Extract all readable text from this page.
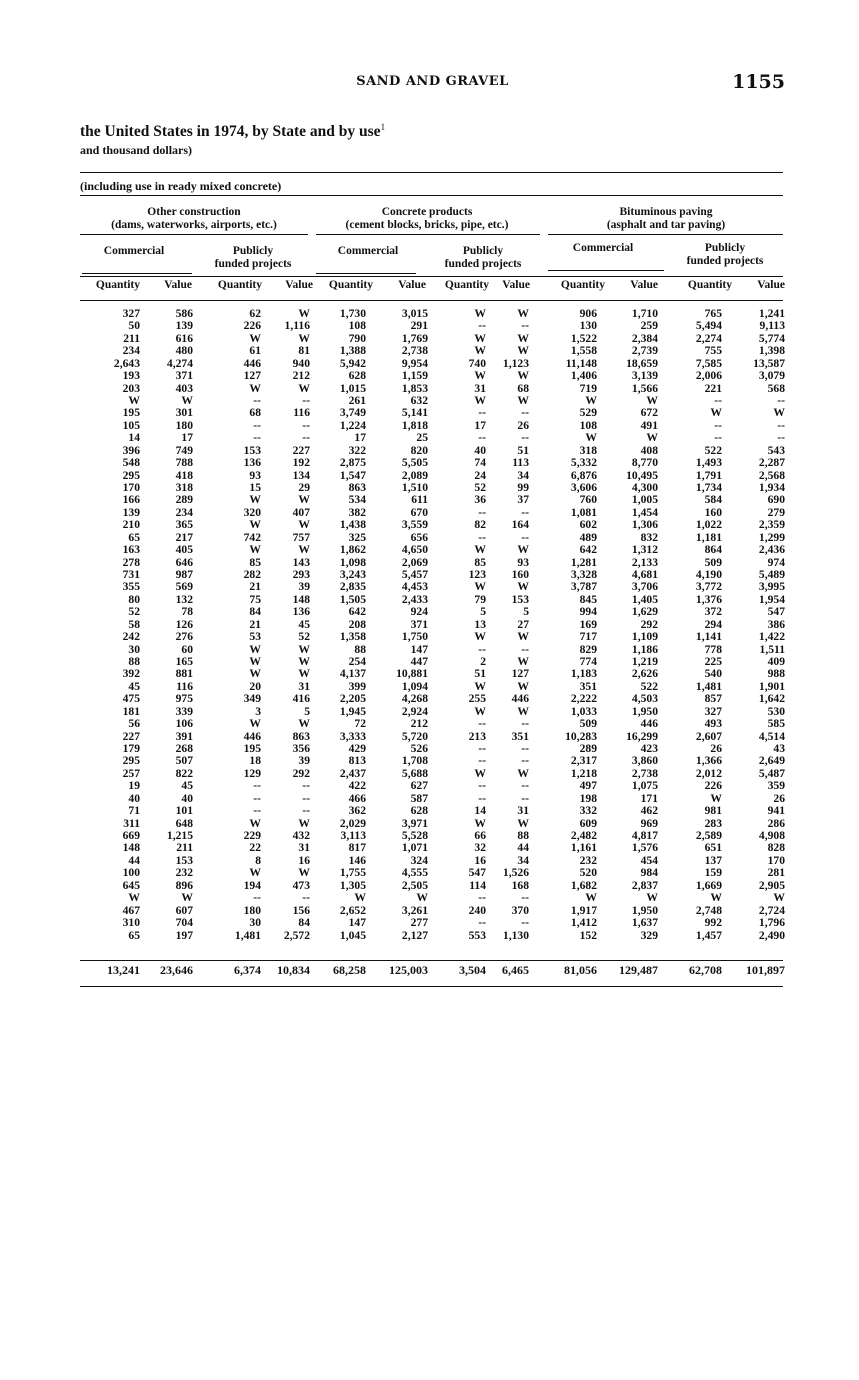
SAND AND GRAVEL	1155
the United States in 1974, by State and by use$^1$
and thousand dollars)
(including use in ready mixed concrete)
Other construction
(dams, waterworks, airports, etc.)
Concrete products
(cement blocks, bricks, pipe, etc.)
Bituminous paving
(asphalt and tar paving)
Commercial	Publicly
funded projects
Commercial	Publicly
funded projects
Commercial	Publicly
funded projects
Quantity Value Quantity Value Quantity Value Quantity Value	Quantity Value	Quantity Value
327	586	62	W	1,730	3,015	W	W	906	1,710	765	1,241
50	139	226 1,116	108	291	--	--	130	259	5,494	9,113
211	616	W	W	790	1,769	W	W	1,522	2,384	2,274	5,774
234	480	61	81	1,388	2,738	W	W	1,558	2,739	755	1,398
2,643 4,274	446	940	5,942	9,954	740 1,123	11,148	18,659	7,585	13,587
193	371	127	212	628	1,159	W	W	1,406	3,139	2,006	3,079
203	403	W	W	1,015	1,853	31	68	719	1,566	221	568
W	W	--	--	261	632	W	W	W	W	--	--
195	301	68	116	3,749	5,141	--	--	529	672	W	W
105	180	--	--	1,224	1,818	17	26	108	491	--	--
14	17	--	--	17	25	--	--	W	W	--	--
396	749	153	227	322	820	40	51	318	408	522	543
548	788	136	192	2,875	5,505	74 113	5,332	8,770	1,493	2,287
295	418	93	134	1,547	2,089	24	34	6,876	10,495	1,791	2,568
170	318	15	29	863	1,510	52	99	3,606	4,300	1,734	1,934
166	289	W	W	534	611	36	37	760	1,005	584	690
139	234	320	407	382	670	--	--	1,081	1,454	160	279
210	365	W	W	1,438	3,559	82 164	602	1,306	1,022	2,359
65	217	742	757	325	656	--	--	489	832	1,181	1,299
163	405	W	W	1,862	4,650	W	W	642	1,312	864	2,436
278	646	85	143	1,098	2,069	85	93	1,281	2,133	509	974
731	987	282	293	3,243	5,457	123 160	3,328	4,681	4,190	5,489
355	569	21	39	2,835	4,453	W	W	3,787	3,706	3,772	3,995
80	132	75	148	1,505	2,433	79 153	845	1,405	1,376	1,954
52	78	84	136	642	924	5	5	994	1,629	372	547
58	126	21	45	208	371	13	27	169	292	294	386
242	276	53	52	1,358	1,750	W	W	717	1,109	1,141	1,422
30	60	W	W	88	147	--	--	829	1,186	778	1,511
88	165	W	W	254	447	2	W	774	1,219	225	409
392	881	W	W	4,137	10,881	51 127	1,183	2,626	540	988
45	116	20	31	399	1,094	W	W	351	522	1,481	1,901
475	975	349	416	2,205	4,268	255 446	2,222	4,503	857	1,642
181	339	3	5	1,945	2,924	W	W	1,033	1,950	327	530
56	106	W	W	72	212	--	--	509	446	493	585
227	391	446	863	3,333	5,720	213 351	10,283	16,299	2,607	4,514
179	268	195	356	429	526	--	--	289	423	26	43
295	507	18	39	813	1,708	--	--	2,317	3,860	1,366	2,649
257	822	129	292	2,437	5,688	W	W	1,218	2,738	2,012	5,487
19	45	--	--	422	627	--	--	497	1,075	226	359
40	40	--	--	466	587	--	--	198	171	W	26
71	101	--	--	362	628	14	31	332	462	981	941
311	648	W	W	2,029	3,971	W	W	609	969	283	286
669 1,215	229	432	3,113	5,528	66	88	2,482	4,817	2,589	4,908
148	211	22	31	817	1,071	32	44	1,161	1,576	651	828
44	153	8	16	146	324	16	34	232	454	137	170
100	232	W	W	1,755	4,555	547 1,526	520	984	159	281
645	896	194	473	1,305	2,505	114 168	1,682	2,837	1,669	2,905
W	W	--	--	W	W	--	--	W	W	W	W
467	607	180	156	2,652	3,261	240 370	1,917	1,950	2,748	2,724
310	704	30	84	147	277	--	--	1,412	1,637	992	1,796
65	197	1,481 2,572	1,045	2,127	553 1,130	152	329	1,457	2,490
13,241 23,646	6,374 10,834 68,258 125,003	3,504 6,465	81,056 129,487	62,708 101,897
